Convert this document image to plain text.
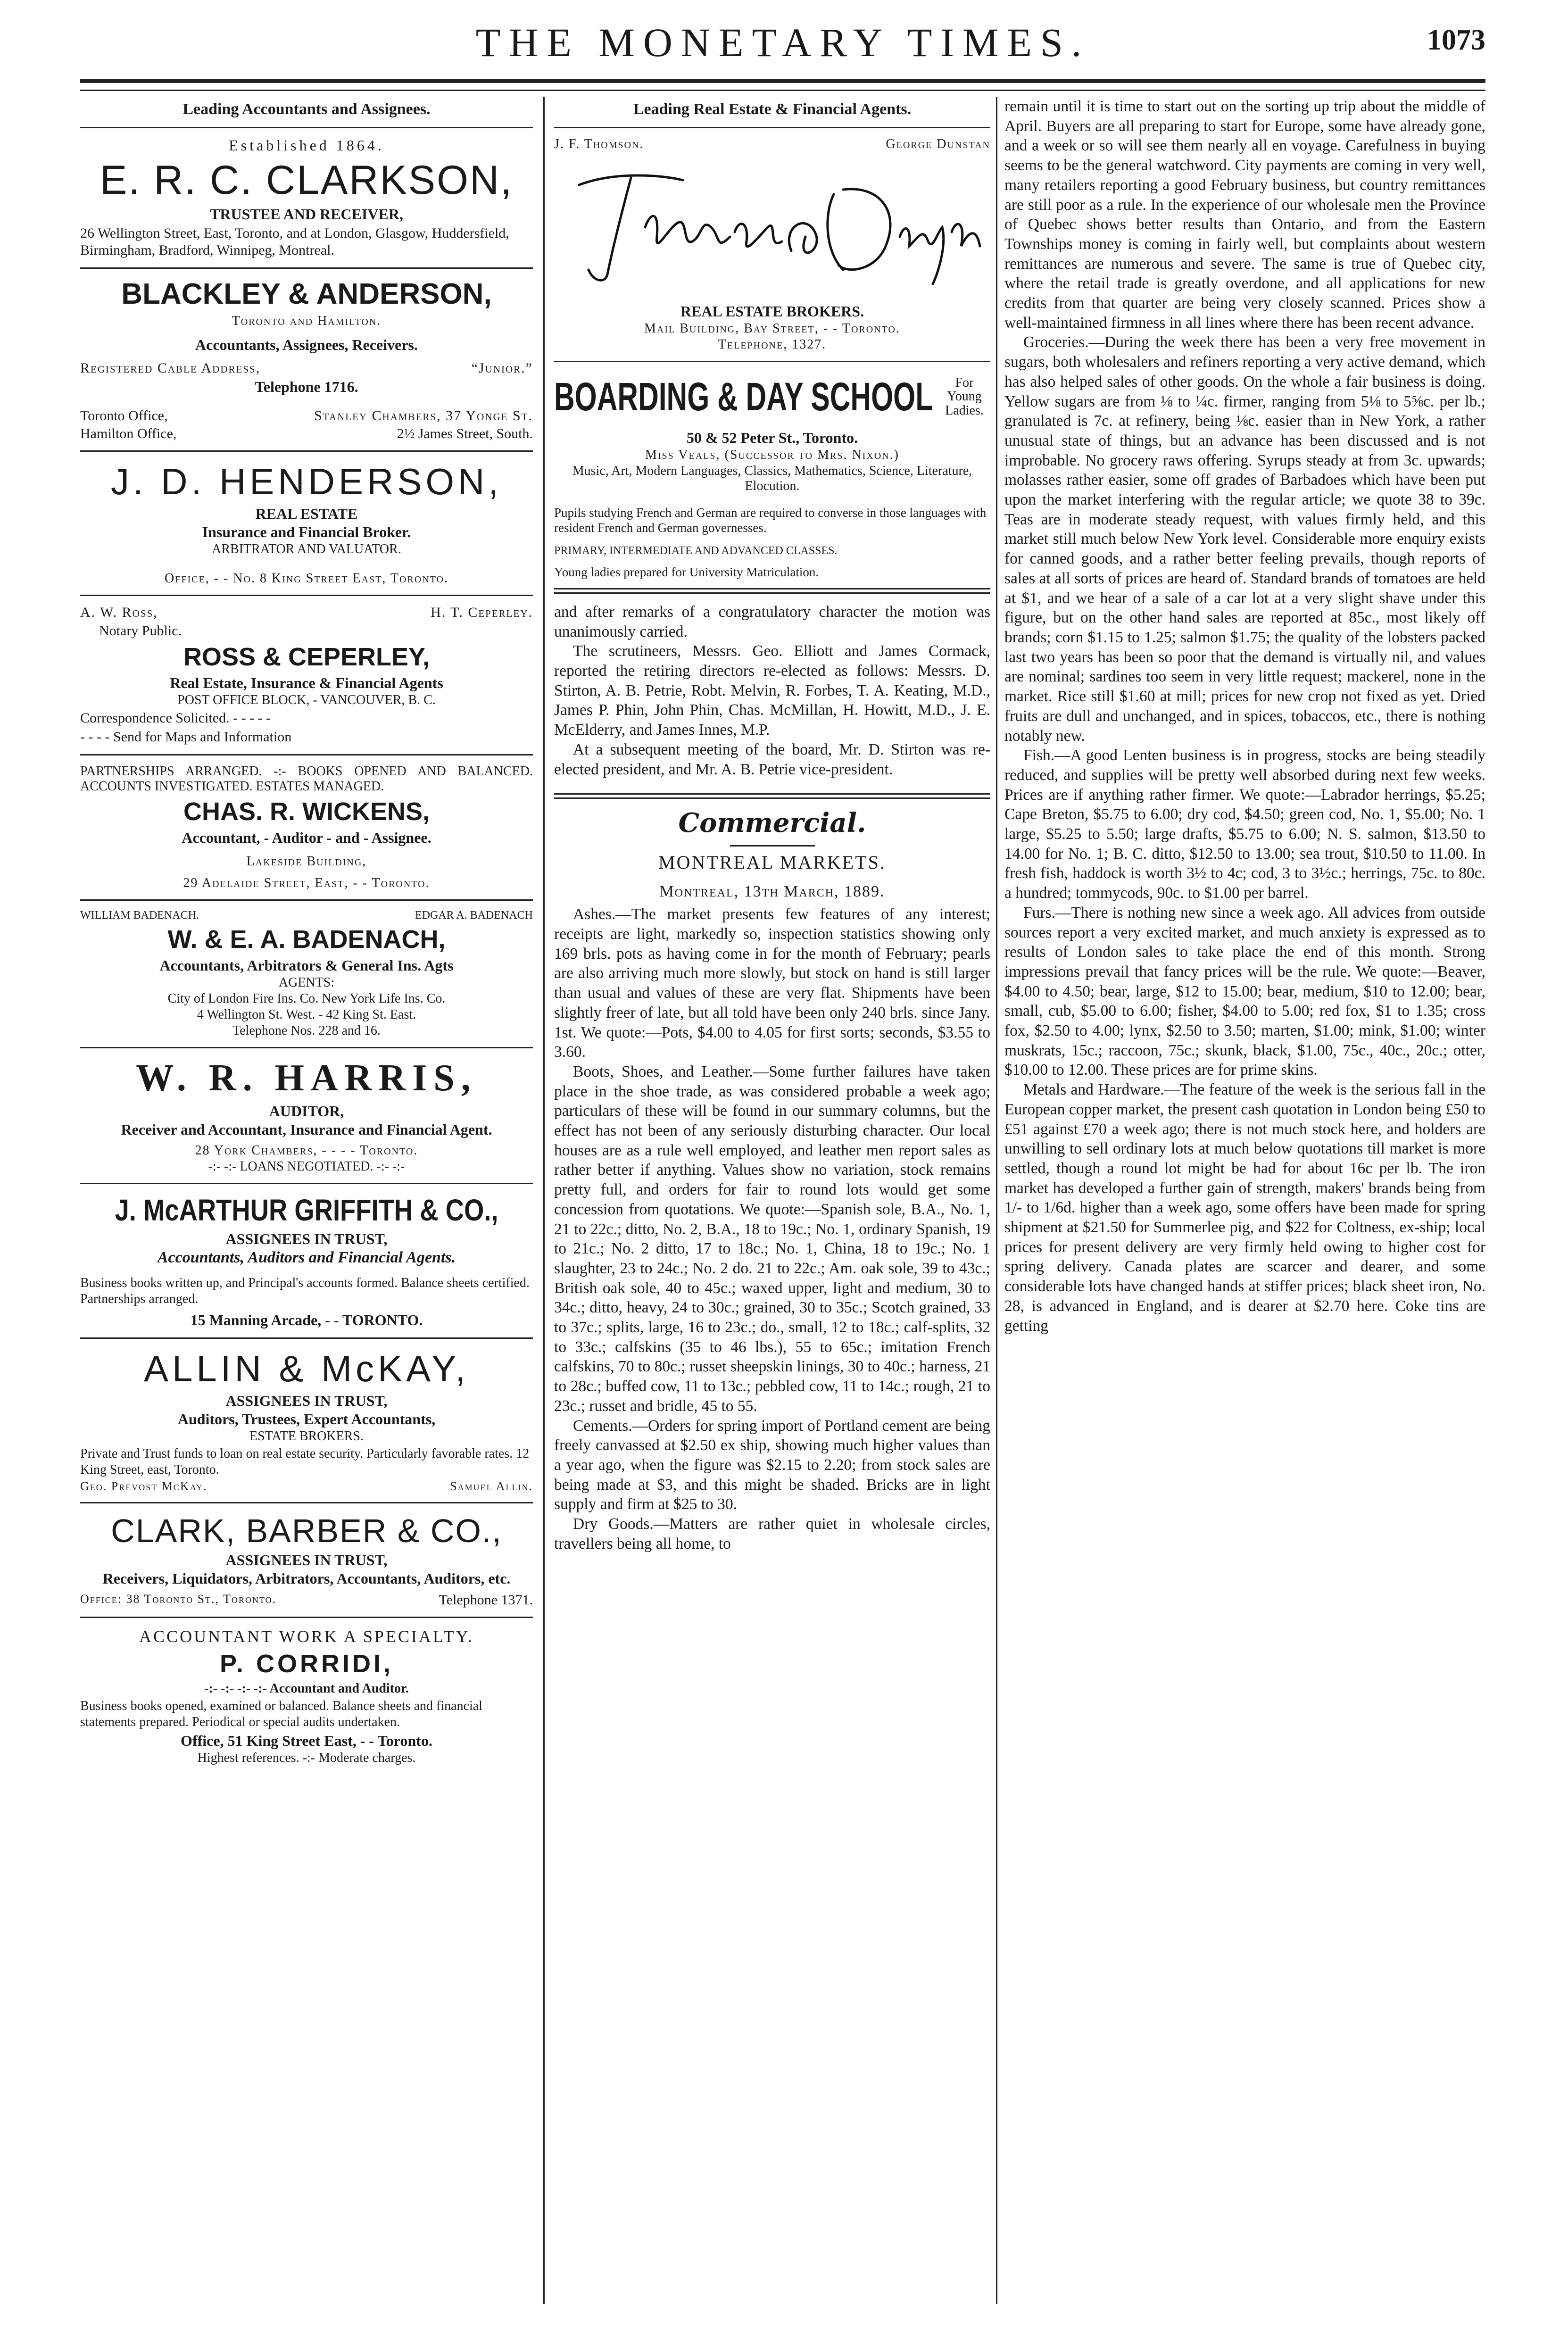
THE MONETARY TIMES.	1073
Leading Accountants and Assignees.
Established 1864.
E. R. C. CLARKSON,
TRUSTEE AND RECEIVER,
26 Wellington Street, East, Toronto, and at London, Glasgow, Huddersfield, Birmingham, Bradford, Winnipeg, Montreal.
BLACKLEY & ANDERSON,
Toronto and Hamilton.
Accountants, Assignees, Receivers.
Registered Cable Address,	“Junior.”
Telephone 1716.
Toronto Office,	Stanley Chambers, 37 Yonge St.
Hamilton Office,	2½ James Street, South.
J. D. HENDERSON,
REAL ESTATE
Insurance and Financial Broker.
ARBITRATOR AND VALUATOR.
Office, - - No. 8 King Street East, Toronto.
A. W. Ross,	H. T. Ceperley.
Notary Public.
ROSS & CEPERLEY,
Real Estate, Insurance & Financial Agents
POST OFFICE BLOCK, - VANCOUVER, B. C.
Correspondence Solicited. - - - - -
- - - - Send for Maps and Information
PARTNERSHIPS ARRANGED. -:- BOOKS OPENED AND BALANCED. ACCOUNTS INVESTIGATED. ESTATES MANAGED.
CHAS. R. WICKENS,
Accountant, - Auditor - and - Assignee.
Lakeside Building,
29 Adelaide Street, East, - - Toronto.
WILLIAM BADENACH.	EDGAR A. BADENACH
W. & E. A. BADENACH,
Accountants, Arbitrators & General Ins. Agts
AGENTS:
City of London Fire Ins. Co. New York Life Ins. Co.
4 Wellington St. West. - 42 King St. East.
Telephone Nos. 228 and 16.
W. R. HARRIS,
AUDITOR,
Receiver and Accountant, Insurance and Financial Agent.
28 York Chambers, - - - - Toronto.
-:- -:- LOANS NEGOTIATED. -:- -:-
J. McARTHUR GRIFFITH & CO.,
ASSIGNEES IN TRUST,
Accountants, Auditors and Financial Agents.
Business books written up, and Principal's accounts formed. Balance sheets certified. Partnerships arranged.
15 Manning Arcade, - - TORONTO.
ALLIN & McKAY,
ASSIGNEES IN TRUST,
Auditors, Trustees, Expert Accountants,
ESTATE BROKERS.
Private and Trust funds to loan on real estate security. Particularly favorable rates. 12 King Street, east, Toronto.
Geo. Prevost McKay.	Samuel Allin.
CLARK, BARBER & CO.,
ASSIGNEES IN TRUST,
Receivers, Liquidators, Arbitrators, Accountants, Auditors, etc.
Office: 38 Toronto St., Toronto.	Telephone 1371.
ACCOUNTANT WORK A SPECIALTY.
P. CORRIDI,
-:- -:- -:- -:- Accountant and Auditor.
Business books opened, examined or balanced. Balance sheets and financial statements prepared. Periodical or special audits undertaken.
Office, 51 King Street East, - - Toronto.
Highest references. -:- Moderate charges.
Leading Real Estate & Financial Agents.
J. F. Thomson.	George Dunstan
REAL ESTATE BROKERS.
Mail Building, Bay Street, - - Toronto.
Telephone, 1327.
BOARDING & DAY SCHOOL	For Young Ladies.
50 & 52 Peter St., Toronto.
Miss Veals, (Successor to Mrs. Nixon.)
Music, Art, Modern Languages, Classics, Mathematics, Science, Literature, Elocution.
Pupils studying French and German are required to converse in those languages with resident French and German governesses.
PRIMARY, INTERMEDIATE AND ADVANCED CLASSES.
Young ladies prepared for University Matriculation.

and after remarks of a congratulatory character the motion was unanimously carried.

The scrutineers, Messrs. Geo. Elliott and James Cormack, reported the retiring directors re-elected as follows: Messrs. D. Stirton, A. B. Petrie, Robt. Melvin, R. Forbes, T. A. Keating, M.D., James P. Phin, John Phin, Chas. McMillan, H. Howitt, M.D., J. E. McElderry, and James Innes, M.P.

At a subsequent meeting of the board, Mr. D. Stirton was re-elected president, and Mr. A. B. Petrie vice-president.

Commercial.
MONTREAL MARKETS.
Montreal, 13th March, 1889.

Ashes.—The market presents few features of any interest; receipts are light, markedly so, inspection statistics showing only 169 brls. pots as having come in for the month of February; pearls are also arriving much more slowly, but stock on hand is still larger than usual and values of these are very flat. Shipments have been slightly freer of late, but all told have been only 240 brls. since Jany. 1st. We quote:—Pots, $4.00 to 4.05 for first sorts; seconds, $3.55 to 3.60.

Boots, Shoes, and Leather.—Some further failures have taken place in the shoe trade, as was considered probable a week ago; particulars of these will be found in our summary columns, but the effect has not been of any seriously disturbing character. Our local houses are as a rule well employed, and leather men report sales as rather better if anything. Values show no variation, stock remains pretty full, and orders for fair to round lots would get some concession from quotations. We quote:—Spanish sole, B.A., No. 1, 21 to 22c.; ditto, No. 2, B.A., 18 to 19c.; No. 1, ordinary Spanish, 19 to 21c.; No. 2 ditto, 17 to 18c.; No. 1, China, 18 to 19c.; No. 1 slaughter, 23 to 24c.; No. 2 do. 21 to 22c.; Am. oak sole, 39 to 43c.; British oak sole, 40 to 45c.; waxed upper, light and medium, 30 to 34c.; ditto, heavy, 24 to 30c.; grained, 30 to 35c.; Scotch grained, 33 to 37c.; splits, large, 16 to 23c.; do., small, 12 to 18c.; calf-splits, 32 to 33c.; calfskins (35 to 46 lbs.), 55 to 65c.; imitation French calfskins, 70 to 80c.; russet sheepskin linings, 30 to 40c.; harness, 21 to 28c.; buffed cow, 11 to 13c.; pebbled cow, 11 to 14c.; rough, 21 to 23c.; russet and bridle, 45 to 55.

Cements.—Orders for spring import of Portland cement are being freely canvassed at $2.50 ex ship, showing much higher values than a year ago, when the figure was $2.15 to 2.20; from stock sales are being made at $3, and this might be shaded. Bricks are in light supply and firm at $25 to 30.

Dry Goods.—Matters are rather quiet in wholesale circles, travellers being all home, to

remain until it is time to start out on the sorting up trip about the middle of April. Buyers are all preparing to start for Europe, some have already gone, and a week or so will see them nearly all en voyage. Carefulness in buying seems to be the general watchword. City payments are coming in very well, many retailers reporting a good February business, but country remittances are still poor as a rule. In the experience of our wholesale men the Province of Quebec shows better results than Ontario, and from the Eastern Townships money is coming in fairly well, but complaints about western remittances are numerous and severe. The same is true of Quebec city, where the retail trade is greatly overdone, and all applications for new credits from that quarter are being very closely scanned. Prices show a well-maintained firmness in all lines where there has been recent advance.

Groceries.—During the week there has been a very free movement in sugars, both wholesalers and refiners reporting a very active demand, which has also helped sales of other goods. On the whole a fair business is doing. Yellow sugars are from ⅛ to ¼c. firmer, ranging from 5⅛ to 5⅝c. per lb.; granulated is 7c. at refinery, being ⅛c. easier than in New York, a rather unusual state of things, but an advance has been discussed and is not improbable. No grocery raws offering. Syrups steady at from 3c. upwards; molasses rather easier, some off grades of Barbadoes which have been put upon the market interfering with the regular article; we quote 38 to 39c. Teas are in moderate steady request, with values firmly held, and this market still much below New York level. Considerable more enquiry exists for canned goods, and a rather better feeling prevails, though reports of sales at all sorts of prices are heard of. Standard brands of tomatoes are held at $1, and we hear of a sale of a car lot at a very slight shave under this figure, but on the other hand sales are reported at 85c., most likely off brands; corn $1.15 to 1.25; salmon $1.75; the quality of the lobsters packed last two years has been so poor that the demand is virtually nil, and values are nominal; sardines too seem in very little request; mackerel, none in the market. Rice still $1.60 at mill; prices for new crop not fixed as yet. Dried fruits are dull and unchanged, and in spices, tobaccos, etc., there is nothing notably new.

Fish.—A good Lenten business is in progress, stocks are being steadily reduced, and supplies will be pretty well absorbed during next few weeks. Prices are if anything rather firmer. We quote:—Labrador herrings, $5.25; Cape Breton, $5.75 to 6.00; dry cod, $4.50; green cod, No. 1, $5.00; No. 1 large, $5.25 to 5.50; large drafts, $5.75 to 6.00; N. S. salmon, $13.50 to 14.00 for No. 1; B. C. ditto, $12.50 to 13.00; sea trout, $10.50 to 11.00. In fresh fish, haddock is worth 3½ to 4c; cod, 3 to 3½c.; herrings, 75c. to 80c. a hundred; tommycods, 90c. to $1.00 per barrel.

Furs.—There is nothing new since a week ago. All advices from outside sources report a very excited market, and much anxiety is expressed as to results of London sales to take place the end of this month. Strong impressions prevail that fancy prices will be the rule. We quote:—Beaver, $4.00 to 4.50; bear, large, $12 to 15.00; bear, medium, $10 to 12.00; bear, small, cub, $5.00 to 6.00; fisher, $4.00 to 5.00; red fox, $1 to 1.35; cross fox, $2.50 to 4.00; lynx, $2.50 to 3.50; marten, $1.00; mink, $1.00; winter muskrats, 15c.; raccoon, 75c.; skunk, black, $1.00, 75c., 40c., 20c.; otter, $10.00 to 12.00. These prices are for prime skins.

Metals and Hardware.—The feature of the week is the serious fall in the European copper market, the present cash quotation in London being £50 to £51 against £70 a week ago; there is not much stock here, and holders are unwilling to sell ordinary lots at much below quotations till market is more settled, though a round lot might be had for about 16c per lb. The iron market has developed a further gain of strength, makers' brands being from 1/- to 1/6d. higher than a week ago, some offers have been made for spring shipment at $21.50 for Summerlee pig, and $22 for Coltness, ex-ship; local prices for present delivery are very firmly held owing to higher cost for spring delivery. Canada plates are scarcer and dearer, and some considerable lots have changed hands at stiffer prices; black sheet iron, No. 28, is advanced in England, and is dearer at $2.70 here. Coke tins are getting
